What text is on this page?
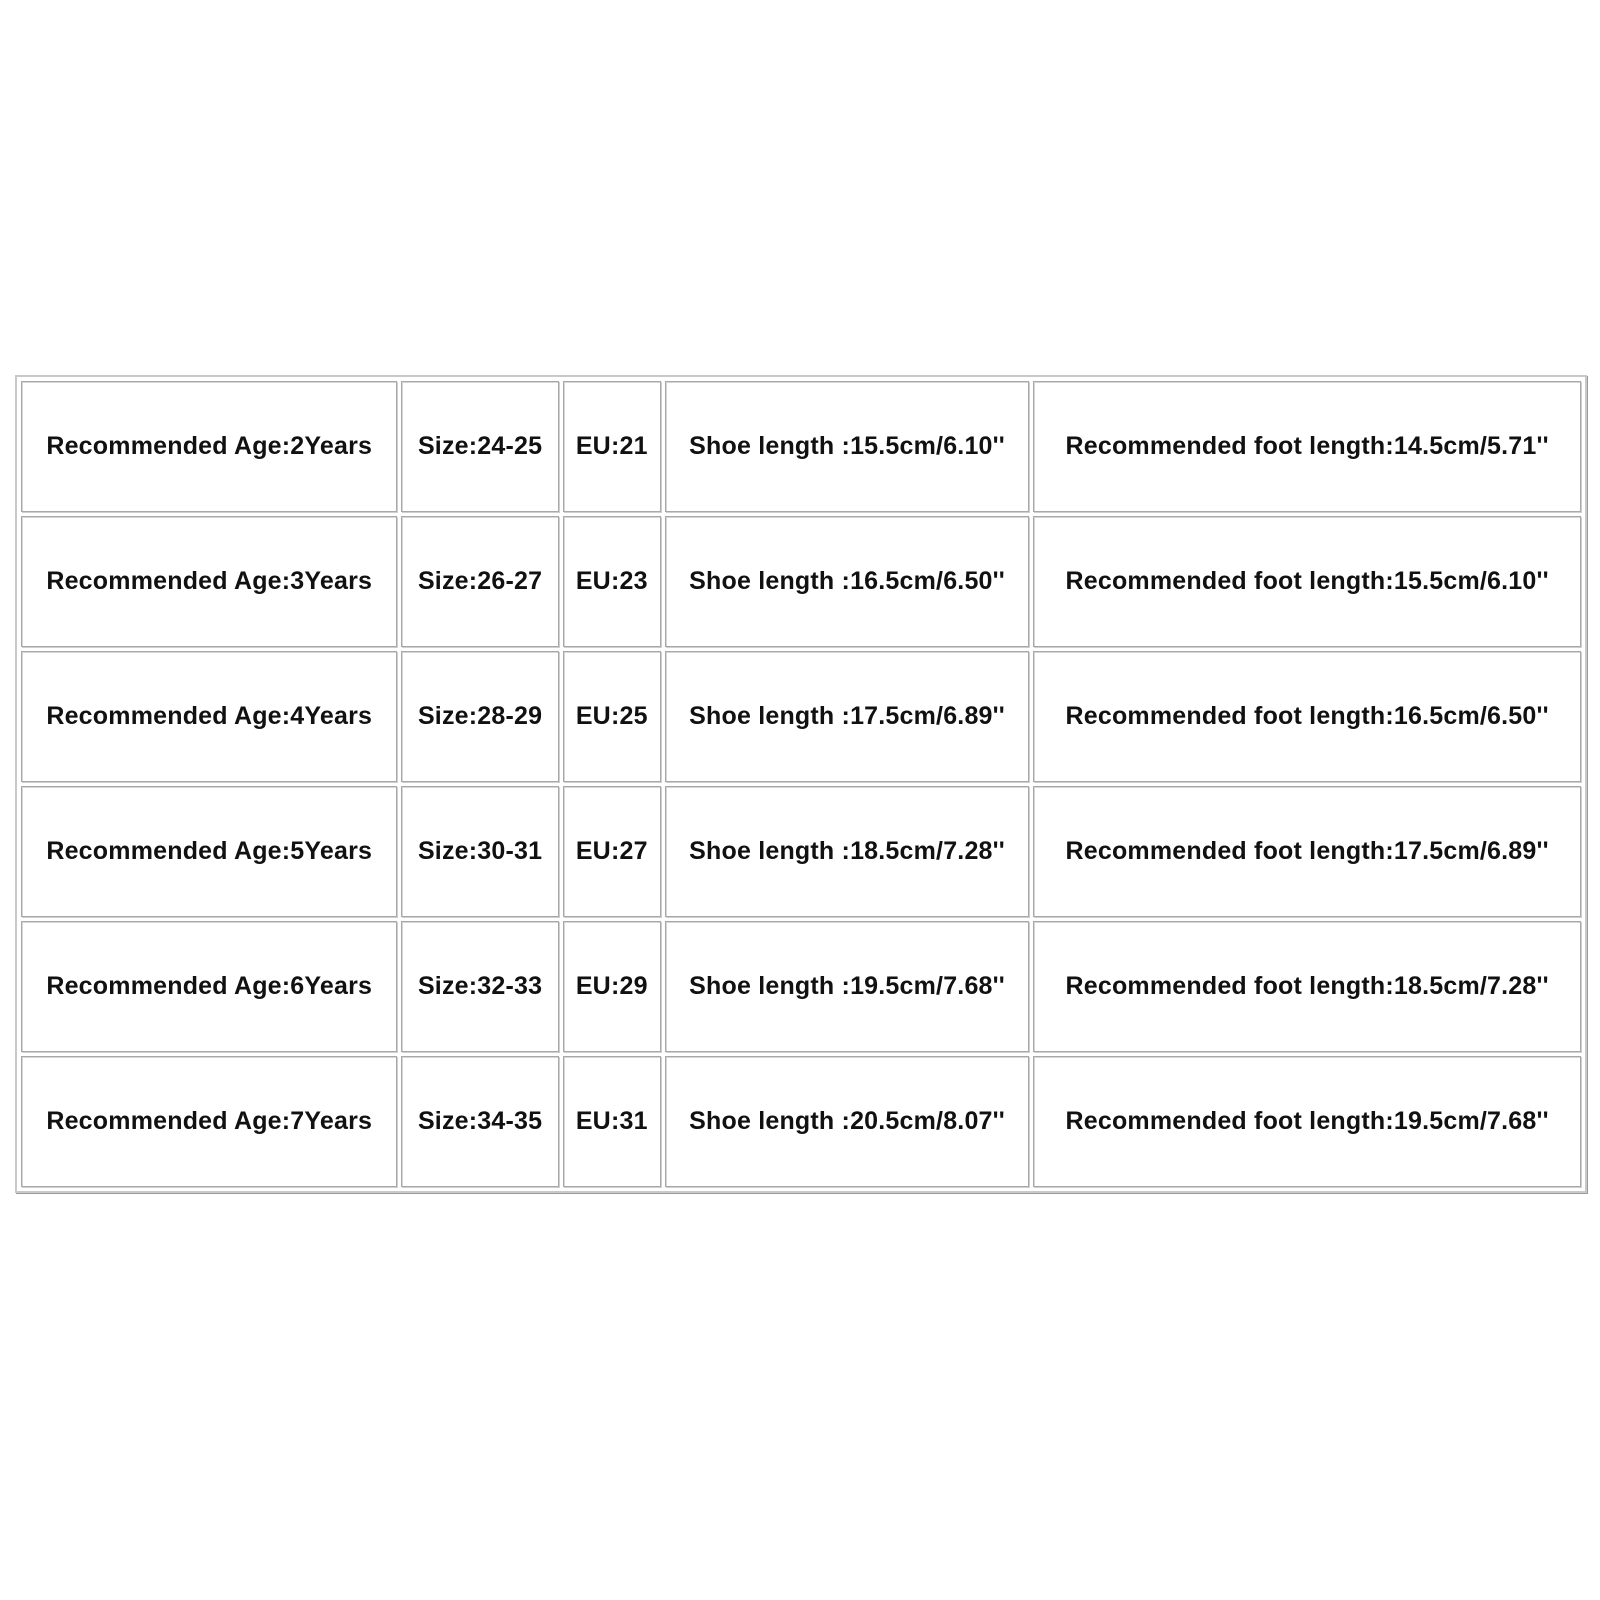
Recommended Age:2Years	Size:24-25	EU:21	Shoe length :15.5cm/6.10''	Recommended foot length:14.5cm/5.71''
Recommended Age:3Years	Size:26-27	EU:23	Shoe length :16.5cm/6.50''	Recommended foot length:15.5cm/6.10''
Recommended Age:4Years	Size:28-29	EU:25	Shoe length :17.5cm/6.89''	Recommended foot length:16.5cm/6.50''
Recommended Age:5Years	Size:30-31	EU:27	Shoe length :18.5cm/7.28''	Recommended foot length:17.5cm/6.89''
Recommended Age:6Years	Size:32-33	EU:29	Shoe length :19.5cm/7.68''	Recommended foot length:18.5cm/7.28''
Recommended Age:7Years	Size:34-35	EU:31	Shoe length :20.5cm/8.07''	Recommended foot length:19.5cm/7.68''
